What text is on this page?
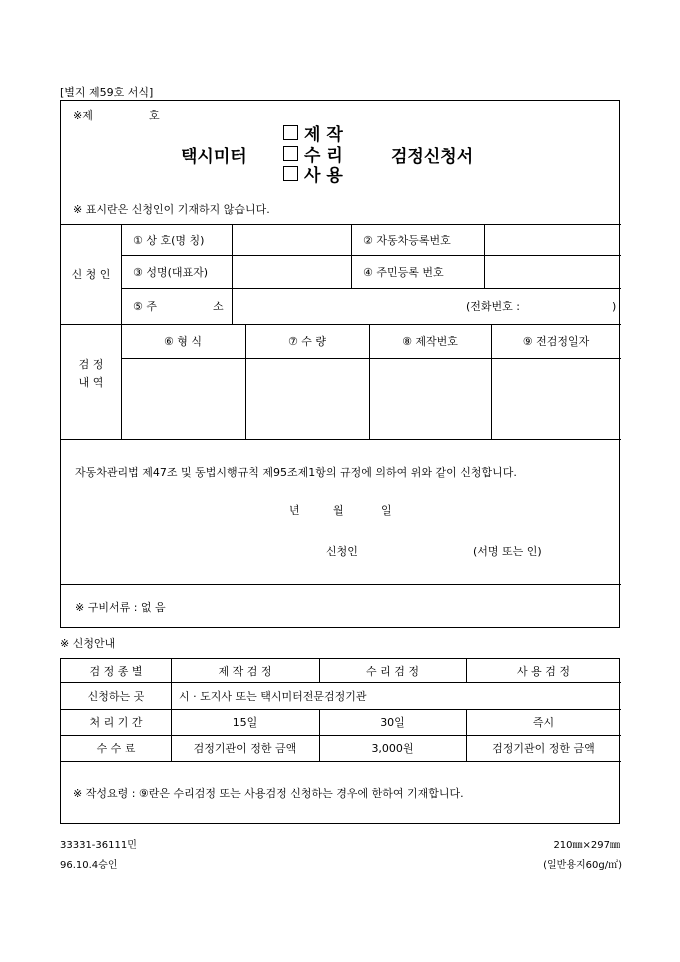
[별지 제59호 서식]
※제	호
택시미터
제 작
수 리
사 용
검정신청서
※ 표시란은 신청인이 기재하지 않습니다.
신 청 인
① 상 호(명 칭)	② 자동차등록번호
③ 성명(대표자)	④ 주민등록 번호
⑤ 주	소	(전화번호 :	)
검 정
내 역
⑥ 형 식	⑦ 수 량	⑧ 제작번호	⑨ 전검정일자
자동차관리법 제47조 및 동법시행규칙 제95조제1항의 규정에 의하여 위와 같이 신청합니다.
년	월	일
신청인	(서명 또는 인)
※ 구비서류 : 없 음
※ 신청안내
검 정 종 별	제 작 검 정	수 리 검 정	사 용 검 정
신청하는 곳	시 · 도지사 또는 택시미터전문검정기관
처 리 기 간	15일	30일	즉시
수 수 료	검정기관이 정한 금액	3,000원	검정기관이 정한 금액
※ 작성요령 : ⑨란은 수리검정 또는 사용검정 신청하는 경우에 한하여 기재합니다.
33331-36111민
96.10.4승인
210㎜×297㎜
(일반용지60g/㎡)
